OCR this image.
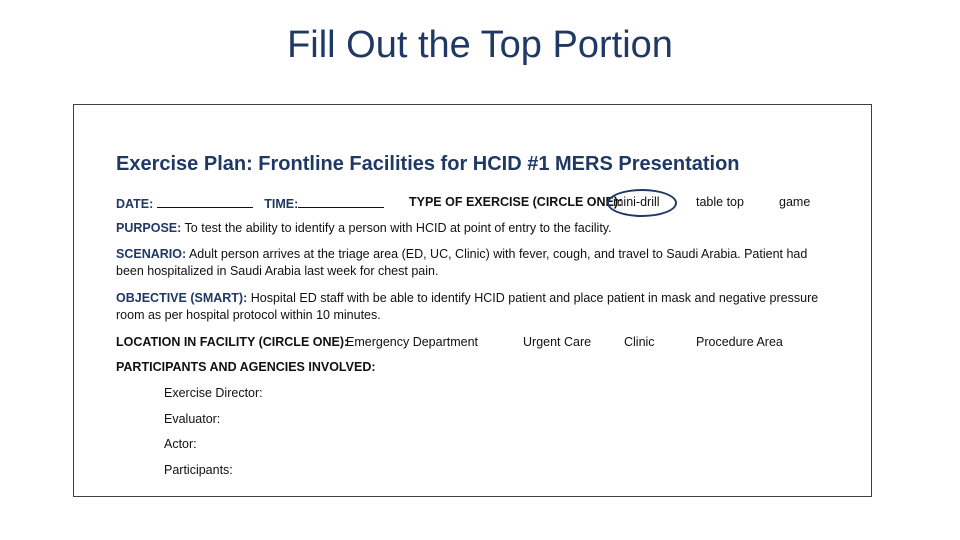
Fill Out the Top Portion
Exercise Plan: Frontline Facilities for HCID #1 MERS Presentation
DATE:	TIME:	TYPE OF EXERCISE (CIRCLE ONE):
mini-drill	table top	game
PURPOSE: To test the ability to identify a person with HCID at point of entry to the facility.
SCENARIO: Adult person arrives at the triage area (ED, UC, Clinic) with fever, cough, and travel to Saudi Arabia. Patient had been hospitalized in Saudi Arabia last week for chest pain.
OBJECTIVE (SMART): Hospital ED staff with be able to identify HCID patient and place patient in mask and negative pressure room as per hospital protocol within 10 minutes.
LOCATION IN FACILITY (CIRCLE ONE):
Emergency Department	Urgent Care	Clinic	Procedure Area
PARTICIPANTS AND AGENCIES INVOLVED:
Exercise Director:
Evaluator:
Actor:
Participants:
